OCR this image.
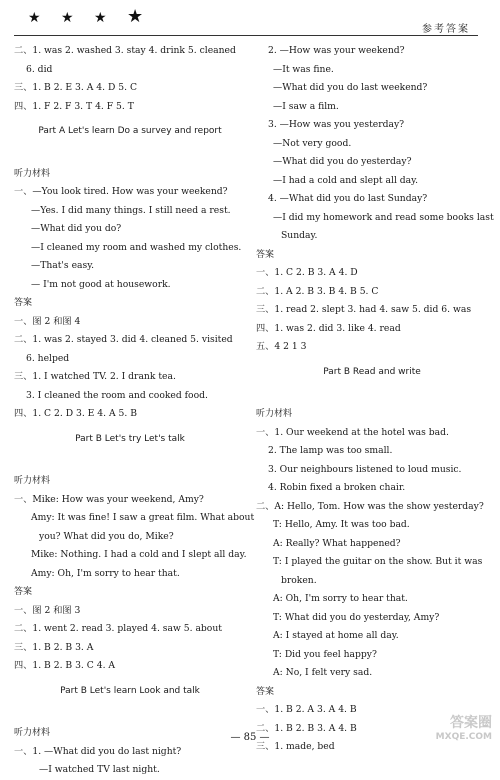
★ ★ ★ ★
参考答案
二、1. was 2. washed 3. stay 4. drink 5. cleaned
6. did
三、1. B 2. E 3. A 4. D 5. C
四、1. F 2. F 3. T 4. F 5. T
Part A Let's learn Do a survey and report
听力材料
一、—You look tired. How was your weekend?
—Yes. I did many things. I still need a rest.
—What did you do?
—I cleaned my room and washed my clothes.
—That's easy.
— I'm not good at housework.
答案
一、图 2 和图 4
二、1. was 2. stayed 3. did 4. cleaned 5. visited
6. helped
三、1. I watched TV. 2. I drank tea.
3. I cleaned the room and cooked food.
四、1. C 2. D 3. E 4. A 5. B
Part B Let's try Let's talk
听力材料
一、Mike: How was your weekend, Amy?
Amy: It was fine! I saw a great film. What about
you? What did you do, Mike?
Mike: Nothing. I had a cold and I slept all day.
Amy: Oh, I'm sorry to hear that.
答案
一、图 2 和图 3
二、1. went 2. read 3. played 4. saw 5. about
三、1. B 2. B 3. A
四、1. B 2. B 3. C 4. A
Part B Let's learn Look and talk
听力材料
一、1. —What did you do last night?
—I watched TV last night.
2. —How was your weekend?
—It was fine.
—What did you do last weekend?
—I saw a film.
3. —How was you yesterday?
—Not very good.
—What did you do yesterday?
—I had a cold and slept all day.
4. —What did you do last Sunday?
—I did my homework and read some books last
Sunday.
答案
一、1. C 2. B 3. A 4. D
二、1. A 2. B 3. B 4. B 5. C
三、1. read 2. slept 3. had 4. saw 5. did 6. was
四、1. was 2. did 3. like 4. read
五、4 2 1 3
Part B Read and write
听力材料
一、1. Our weekend at the hotel was bad.
2. The lamp was too small.
3. Our neighbours listened to loud music.
4. Robin fixed a broken chair.
二、A: Hello, Tom. How was the show yesterday?
T: Hello, Amy. It was too bad.
A: Really? What happened?
T: I played the guitar on the show. But it was
broken.
A: Oh, I'm sorry to hear that.
T: What did you do yesterday, Amy?
A: I stayed at home all day.
T: Did you feel happy?
A: No, I felt very sad.
答案
一、1. B 2. A 3. A 4. B
二、1. B 2. B 3. A 4. B
三、1. made, bed
— 85 —
答案圈
MXQE.COM
